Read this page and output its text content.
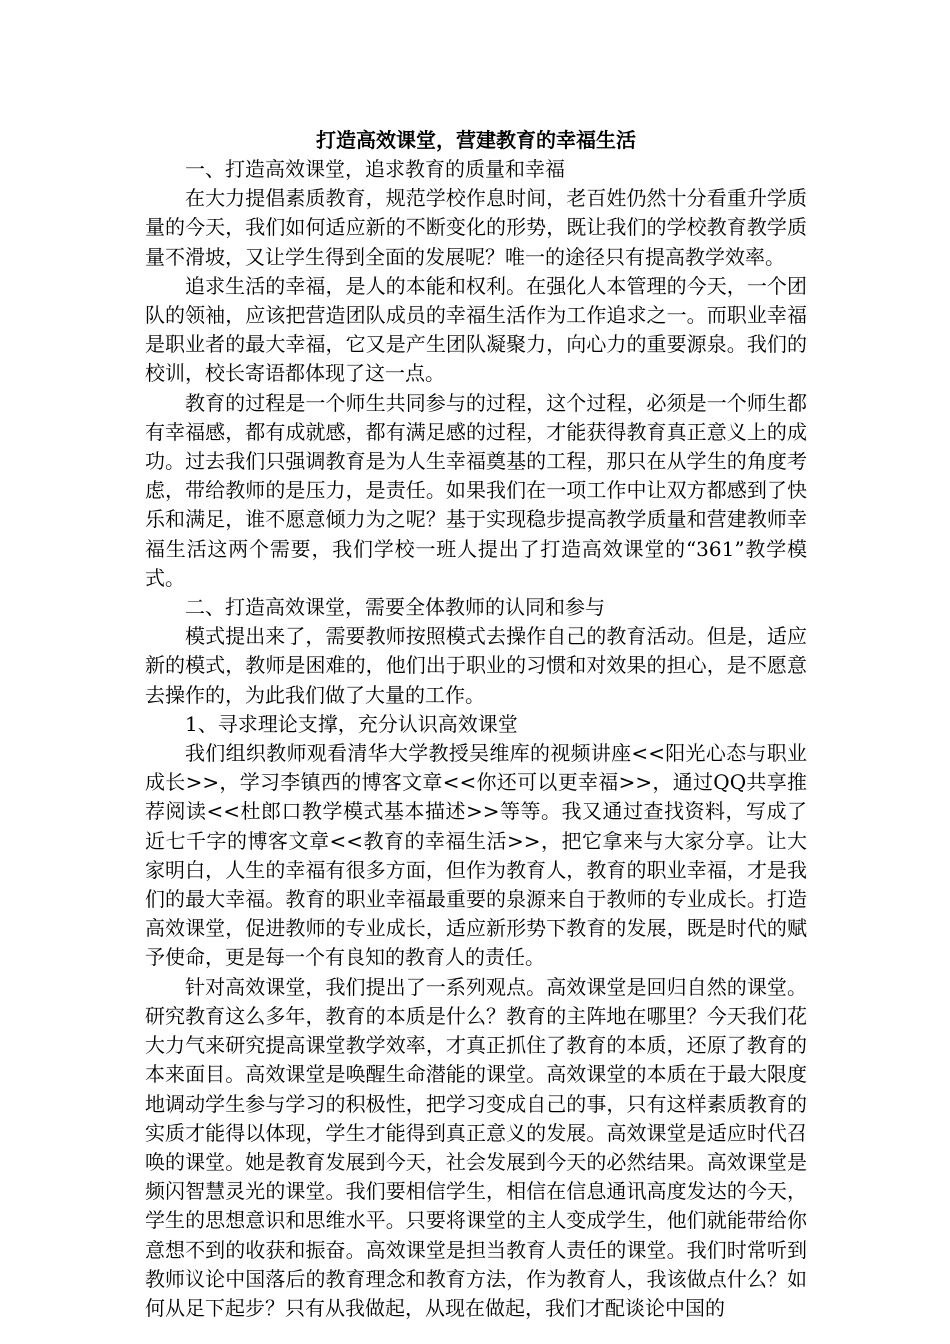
打造高效课堂，营建教育的幸福生活

一、打造高效课堂，追求教育的质量和幸福

在大力提倡素质教育，规范学校作息时间，老百姓仍然十分看重升学质量的今天，我们如何适应新的不断变化的形势，既让我们的学校教育教学质量不滑坡，又让学生得到全面的发展呢？唯一的途径只有提高教学效率。

追求生活的幸福，是人的本能和权利。在强化人本管理的今天，一个团队的领袖，应该把营造团队成员的幸福生活作为工作追求之一。而职业幸福是职业者的最大幸福，它又是产生团队凝聚力，向心力的重要源泉。我们的校训，校长寄语都体现了这一点。

教育的过程是一个师生共同参与的过程，这个过程，必须是一个师生都有幸福感，都有成就感，都有满足感的过程，才能获得教育真正意义上的成功。过去我们只强调教育是为人生幸福奠基的工程，那只在从学生的角度考虑，带给教师的是压力，是责任。如果我们在一项工作中让双方都感到了快乐和满足，谁不愿意倾力为之呢？基于实现稳步提高教学质量和营建教师幸福生活这两个需要，我们学校一班人提出了打造高效课堂的“361”教学模式。

二、打造高效课堂，需要全体教师的认同和参与

模式提出来了，需要教师按照模式去操作自己的教育活动。但是，适应新的模式，教师是困难的，他们出于职业的习惯和对效果的担心，是不愿意去操作的，为此我们做了大量的工作。

1、寻求理论支撑，充分认识高效课堂

我们组织教师观看清华大学教授吴维库的视频讲座<<阳光心态与职业成长>>，学习李镇西的博客文章<<你还可以更幸福>>，通过QQ共享推荐阅读<<杜郎口教学模式基本描述>>等等。我又通过查找资料，写成了近七千字的博客文章<<教育的幸福生活>>，把它拿来与大家分享。让大家明白，人生的幸福有很多方面，但作为教育人，教育的职业幸福，才是我们的最大幸福。教育的职业幸福最重要的泉源来自于教师的专业成长。打造高效课堂，促进教师的专业成长，适应新形势下教育的发展，既是时代的赋予使命，更是每一个有良知的教育人的责任。

针对高效课堂，我们提出了一系列观点。高效课堂是回归自然的课堂。研究教育这么多年，教育的本质是什么？教育的主阵地在哪里？今天我们花大力气来研究提高课堂教学效率，才真正抓住了教育的本质，还原了教育的本来面目。高效课堂是唤醒生命潜能的课堂。高效课堂的本质在于最大限度地调动学生参与学习的积极性，把学习变成自己的事，只有这样素质教育的实质才能得以体现，学生才能得到真正意义的发展。高效课堂是适应时代召唤的课堂。她是教育发展到今天，社会发展到今天的必然结果。高效课堂是频闪智慧灵光的课堂。我们要相信学生，相信在信息通讯高度发达的今天，学生的思想意识和思维水平。只要将课堂的主人变成学生，他们就能带给你意想不到的收获和振奋。高效课堂是担当教育人责任的课堂。我们时常听到教师议论中国落后的教育理念和教育方法，作为教育人，我该做点什么？如何从足下起步？只有从我做起，从现在做起，我们才配谈论中国的
